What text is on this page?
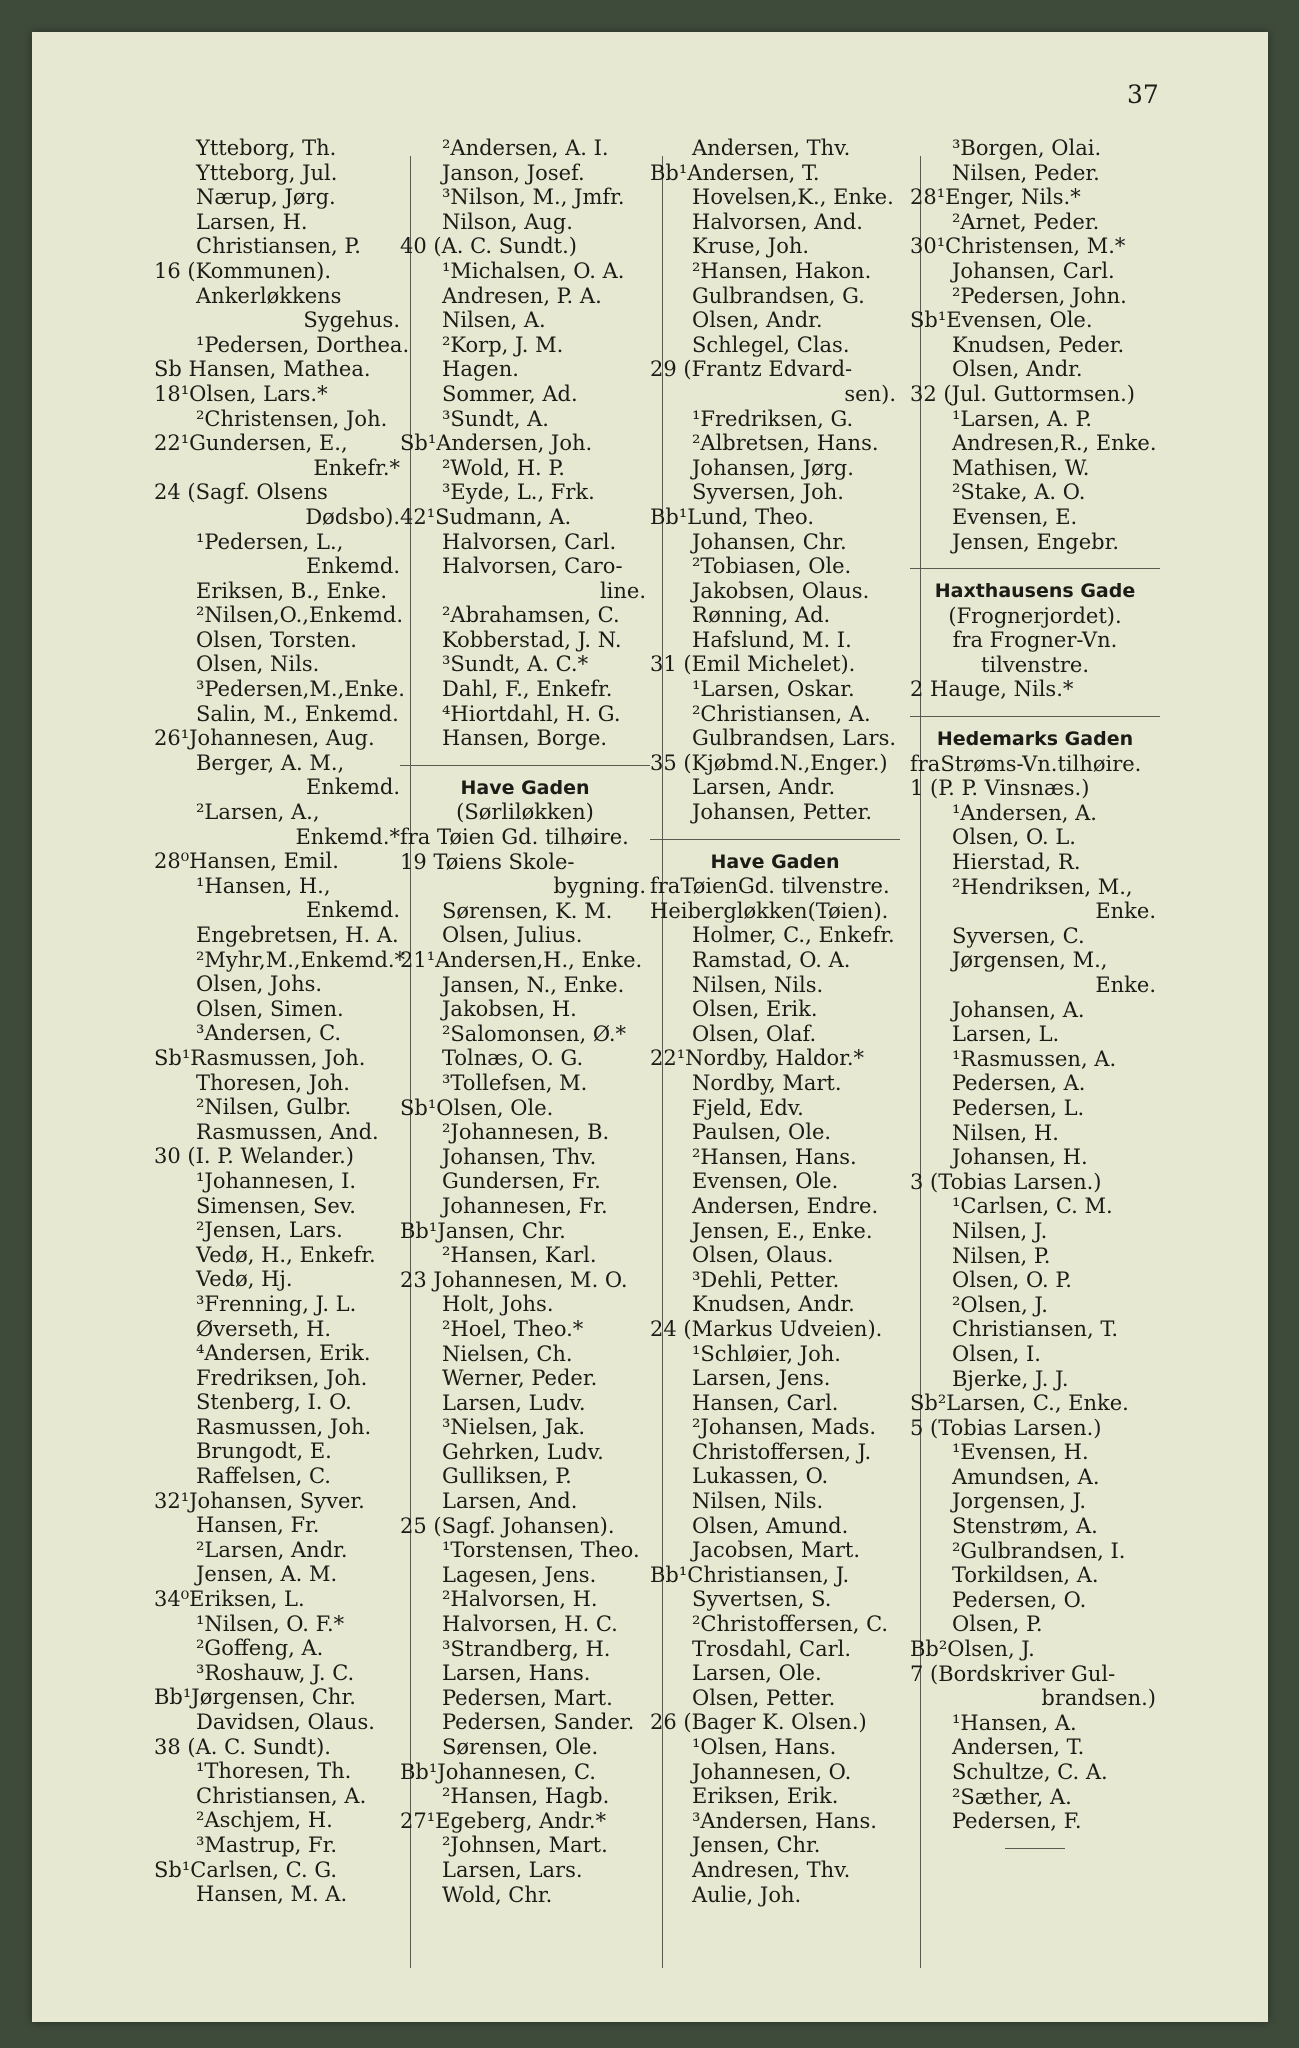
37
Ytteborg, Th.
Ytteborg, Jul.
Nærup, Jørg.
Larsen, H.
Christiansen, P.
16 (Kommunen).
Ankerløkkens
Sygehus.
¹Pedersen, Dorthea.
Sb Hansen, Mathea.
18¹Olsen, Lars.*
²Christensen, Joh.
22¹Gundersen, E.,
Enkefr.*
24 (Sagf. Olsens
Dødsbo).
¹Pedersen, L.,
Enkemd.
Eriksen, B., Enke.
²Nilsen,O.,Enkemd.
Olsen, Torsten.
Olsen, Nils.
³Pedersen,M.,Enke.
Salin, M., Enkemd.
26¹Johannesen, Aug.
Berger, A. M.,
Enkemd.
²Larsen, A.,
Enkemd.*
28⁰Hansen, Emil.
¹Hansen, H.,
Enkemd.
Engebretsen, H. A.
²Myhr,M.,Enkemd.*
Olsen, Johs.
Olsen, Simen.
³Andersen, C.
Sb¹Rasmussen, Joh.
Thoresen, Joh.
²Nilsen, Gulbr.
Rasmussen, And.
30 (I. P. Welander.)
¹Johannesen, I.
Simensen, Sev.
²Jensen, Lars.
Vedø, H., Enkefr.
Vedø, Hj.
³Frenning, J. L.
Øverseth, H.
⁴Andersen, Erik.
Fredriksen, Joh.
Stenberg, I. O.
Rasmussen, Joh.
Brungodt, E.
Raffelsen, C.
32¹Johansen, Syver.
Hansen, Fr.
²Larsen, Andr.
Jensen, A. M.
34⁰Eriksen, L.
¹Nilsen, O. F.*
²Goffeng, A.
³Roshauw, J. C.
Bb¹Jørgensen, Chr.
Davidsen, Olaus.
38 (A. C. Sundt).
¹Thoresen, Th.
Christiansen, A.
²Aschjem, H.
³Mastrup, Fr.
Sb¹Carlsen, C. G.
Hansen, M. A.
²Andersen, A. I.
Janson, Josef.
³Nilson, M., Jmfr.
Nilson, Aug.
40 (A. C. Sundt.)
¹Michalsen, O. A.
Andresen, P. A.
Nilsen, A.
²Korp, J. M.
Hagen.
Sommer, Ad.
³Sundt, A.
Sb¹Andersen, Joh.
²Wold, H. P.
³Eyde, L., Frk.
42¹Sudmann, A.
Halvorsen, Carl.
Halvorsen, Caro-
line.
²Abrahamsen, C.
Kobberstad, J. N.
³Sundt, A. C.*
Dahl, F., Enkefr.
⁴Hiortdahl, H. G.
Hansen, Borge.
Have Gaden
(Sørliløkken)
fra Tøien Gd. tilhøire.
19 Tøiens Skole-
bygning.
Sørensen, K. M.
Olsen, Julius.
21¹Andersen,H., Enke.
Jansen, N., Enke.
Jakobsen, H.
²Salomonsen, Ø.*
Tolnæs, O. G.
³Tollefsen, M.
Sb¹Olsen, Ole.
²Johannesen, B.
Johansen, Thv.
Gundersen, Fr.
Johannesen, Fr.
Bb¹Jansen, Chr.
²Hansen, Karl.
23 Johannesen, M. O.
Holt, Johs.
²Hoel, Theo.*
Nielsen, Ch.
Werner, Peder.
Larsen, Ludv.
³Nielsen, Jak.
Gehrken, Ludv.
Gulliksen, P.
Larsen, And.
25 (Sagf. Johansen).
¹Torstensen, Theo.
Lagesen, Jens.
²Halvorsen, H.
Halvorsen, H. C.
³Strandberg, H.
Larsen, Hans.
Pedersen, Mart.
Pedersen, Sander.
Sørensen, Ole.
Bb¹Johannesen, C.
²Hansen, Hagb.
27¹Egeberg, Andr.*
²Johnsen, Mart.
Larsen, Lars.
Wold, Chr.
Andersen, Thv.
Bb¹Andersen, T.
Hovelsen,K., Enke.
Halvorsen, And.
Kruse, Joh.
²Hansen, Hakon.
Gulbrandsen, G.
Olsen, Andr.
Schlegel, Clas.
29 (Frantz Edvard-
sen).
¹Fredriksen, G.
²Albretsen, Hans.
Johansen, Jørg.
Syversen, Joh.
Bb¹Lund, Theo.
Johansen, Chr.
²Tobiasen, Ole.
Jakobsen, Olaus.
Rønning, Ad.
Hafslund, M. I.
31 (Emil Michelet).
¹Larsen, Oskar.
²Christiansen, A.
Gulbrandsen, Lars.
35 (Kjøbmd.N.,Enger.)
Larsen, Andr.
Johansen, Petter.
Have Gaden
fraTøienGd. tilvenstre.
Heibergløkken(Tøien).
Holmer, C., Enkefr.
Ramstad, O. A.
Nilsen, Nils.
Olsen, Erik.
Olsen, Olaf.
22¹Nordby, Haldor.*
Nordby, Mart.
Fjeld, Edv.
Paulsen, Ole.
²Hansen, Hans.
Evensen, Ole.
Andersen, Endre.
Jensen, E., Enke.
Olsen, Olaus.
³Dehli, Petter.
Knudsen, Andr.
24 (Markus Udveien).
¹Schløier, Joh.
Larsen, Jens.
Hansen, Carl.
²Johansen, Mads.
Christoffersen, J.
Lukassen, O.
Nilsen, Nils.
Olsen, Amund.
Jacobsen, Mart.
Bb¹Christiansen, J.
Syvertsen, S.
²Christoffersen, C.
Trosdahl, Carl.
Larsen, Ole.
Olsen, Petter.
26 (Bager K. Olsen.)
¹Olsen, Hans.
Johannesen, O.
Eriksen, Erik.
³Andersen, Hans.
Jensen, Chr.
Andresen, Thv.
Aulie, Joh.
³Borgen, Olai.
Nilsen, Peder.
28¹Enger, Nils.*
²Arnet, Peder.
30¹Christensen, M.*
Johansen, Carl.
²Pedersen, John.
Sb¹Evensen, Ole.
Knudsen, Peder.
Olsen, Andr.
32 (Jul. Guttormsen.)
¹Larsen, A. P.
Andresen,R., Enke.
Mathisen, W.
²Stake, A. O.
Evensen, E.
Jensen, Engebr.
Haxthausens Gade
(Frognerjordet).
fra Frogner-Vn.
tilvenstre.
2 Hauge, Nils.*
Hedemarks Gaden
fraStrøms-Vn.tilhøire.
1 (P. P. Vinsnæs.)
¹Andersen, A.
Olsen, O. L.
Hierstad, R.
²Hendriksen, M.,
Enke.
Syversen, C.
Jørgensen, M.,
Enke.
Johansen, A.
Larsen, L.
¹Rasmussen, A.
Pedersen, A.
Pedersen, L.
Nilsen, H.
Johansen, H.
3 (Tobias Larsen.)
¹Carlsen, C. M.
Nilsen, J.
Nilsen, P.
Olsen, O. P.
²Olsen, J.
Christiansen, T.
Olsen, I.
Bjerke, J. J.
Sb²Larsen, C., Enke.
5 (Tobias Larsen.)
¹Evensen, H.
Amundsen, A.
Jorgensen, J.
Stenstrøm, A.
²Gulbrandsen, I.
Torkildsen, A.
Pedersen, O.
Olsen, P.
Bb²Olsen, J.
7 (Bordskriver Gul-
brandsen.)
¹Hansen, A.
Andersen, T.
Schultze, C. A.
²Sæther, A.
Pedersen, F.
